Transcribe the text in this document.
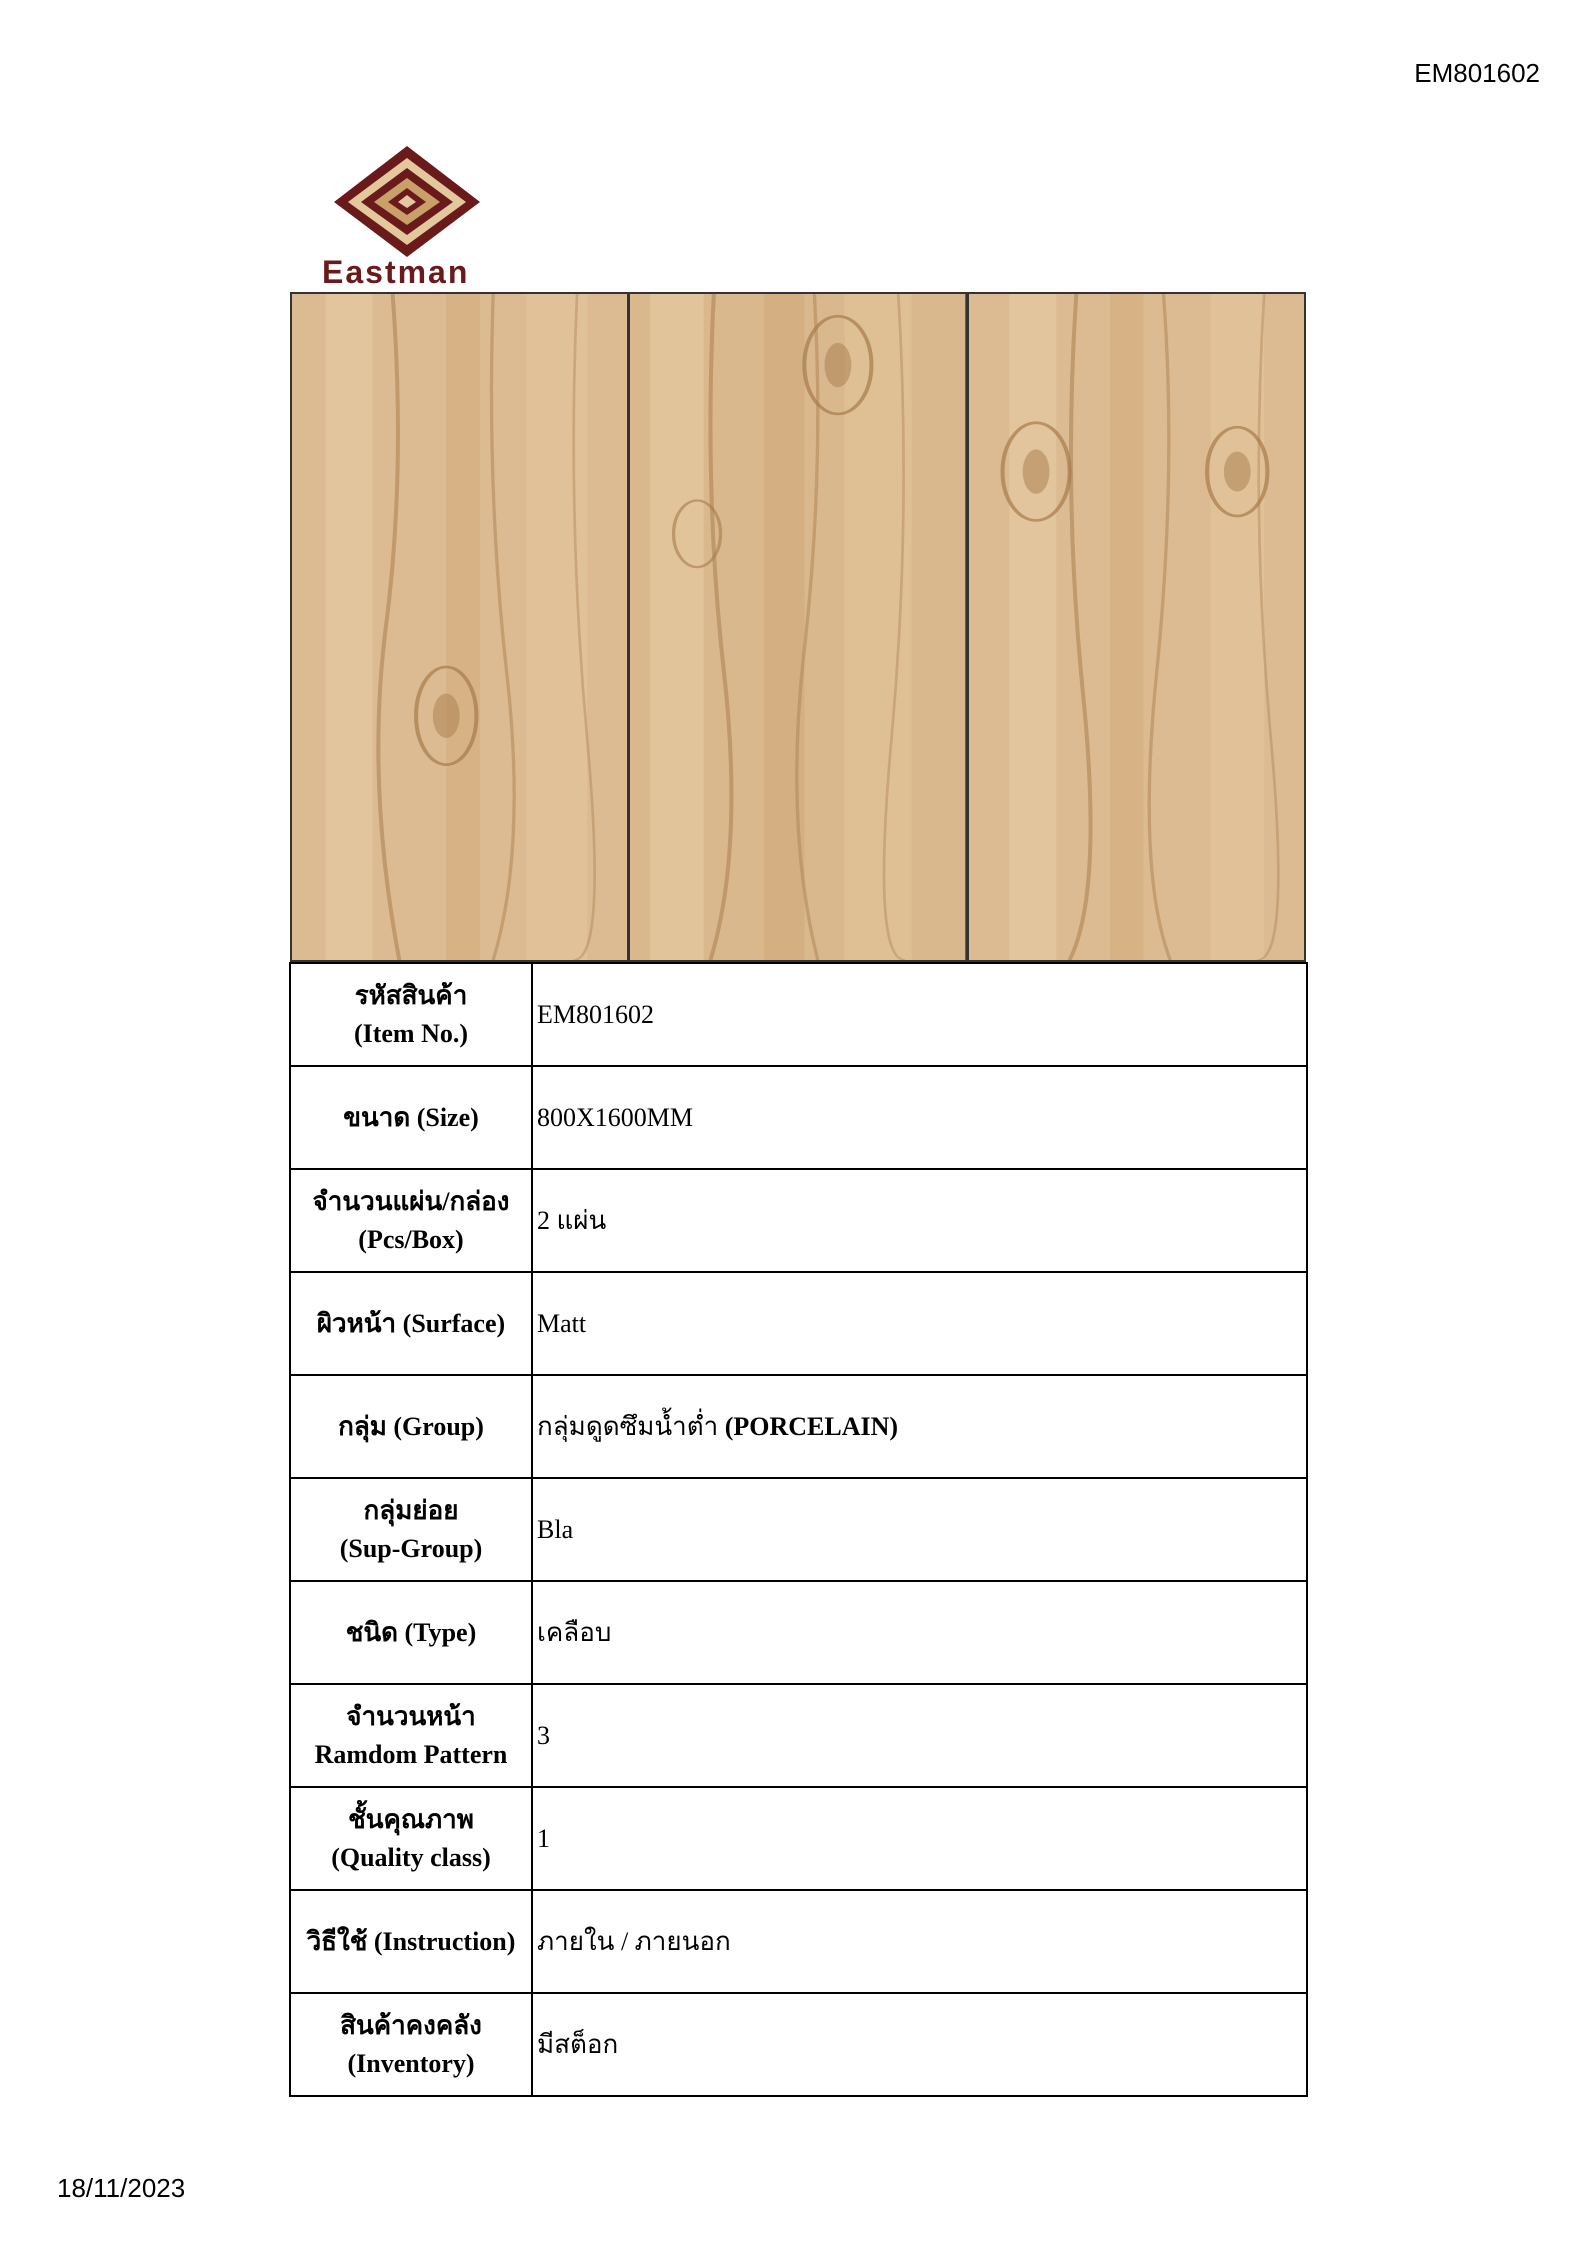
EM801602
Eastman
รหัสสินค้า
(Item No.)	EM801602
ขนาด (Size)	800X1600MM
จำนวนแผ่น/กล่อง
(Pcs/Box)	2 แผ่น
ผิวหน้า (Surface)	Matt
กลุ่ม (Group)	กลุ่มดูดซึมน้ำต่ำ (PORCELAIN)
กลุ่มย่อย
(Sup-Group)	Bla
ชนิด (Type)	เคลือบ
จำนวนหน้า
Ramdom Pattern	3
ชั้นคุณภาพ
(Quality class)	1
วิธีใช้ (Instruction)	ภายใน / ภายนอก
สินค้าคงคลัง
(Inventory)	มีสต็อก
18/11/2023
